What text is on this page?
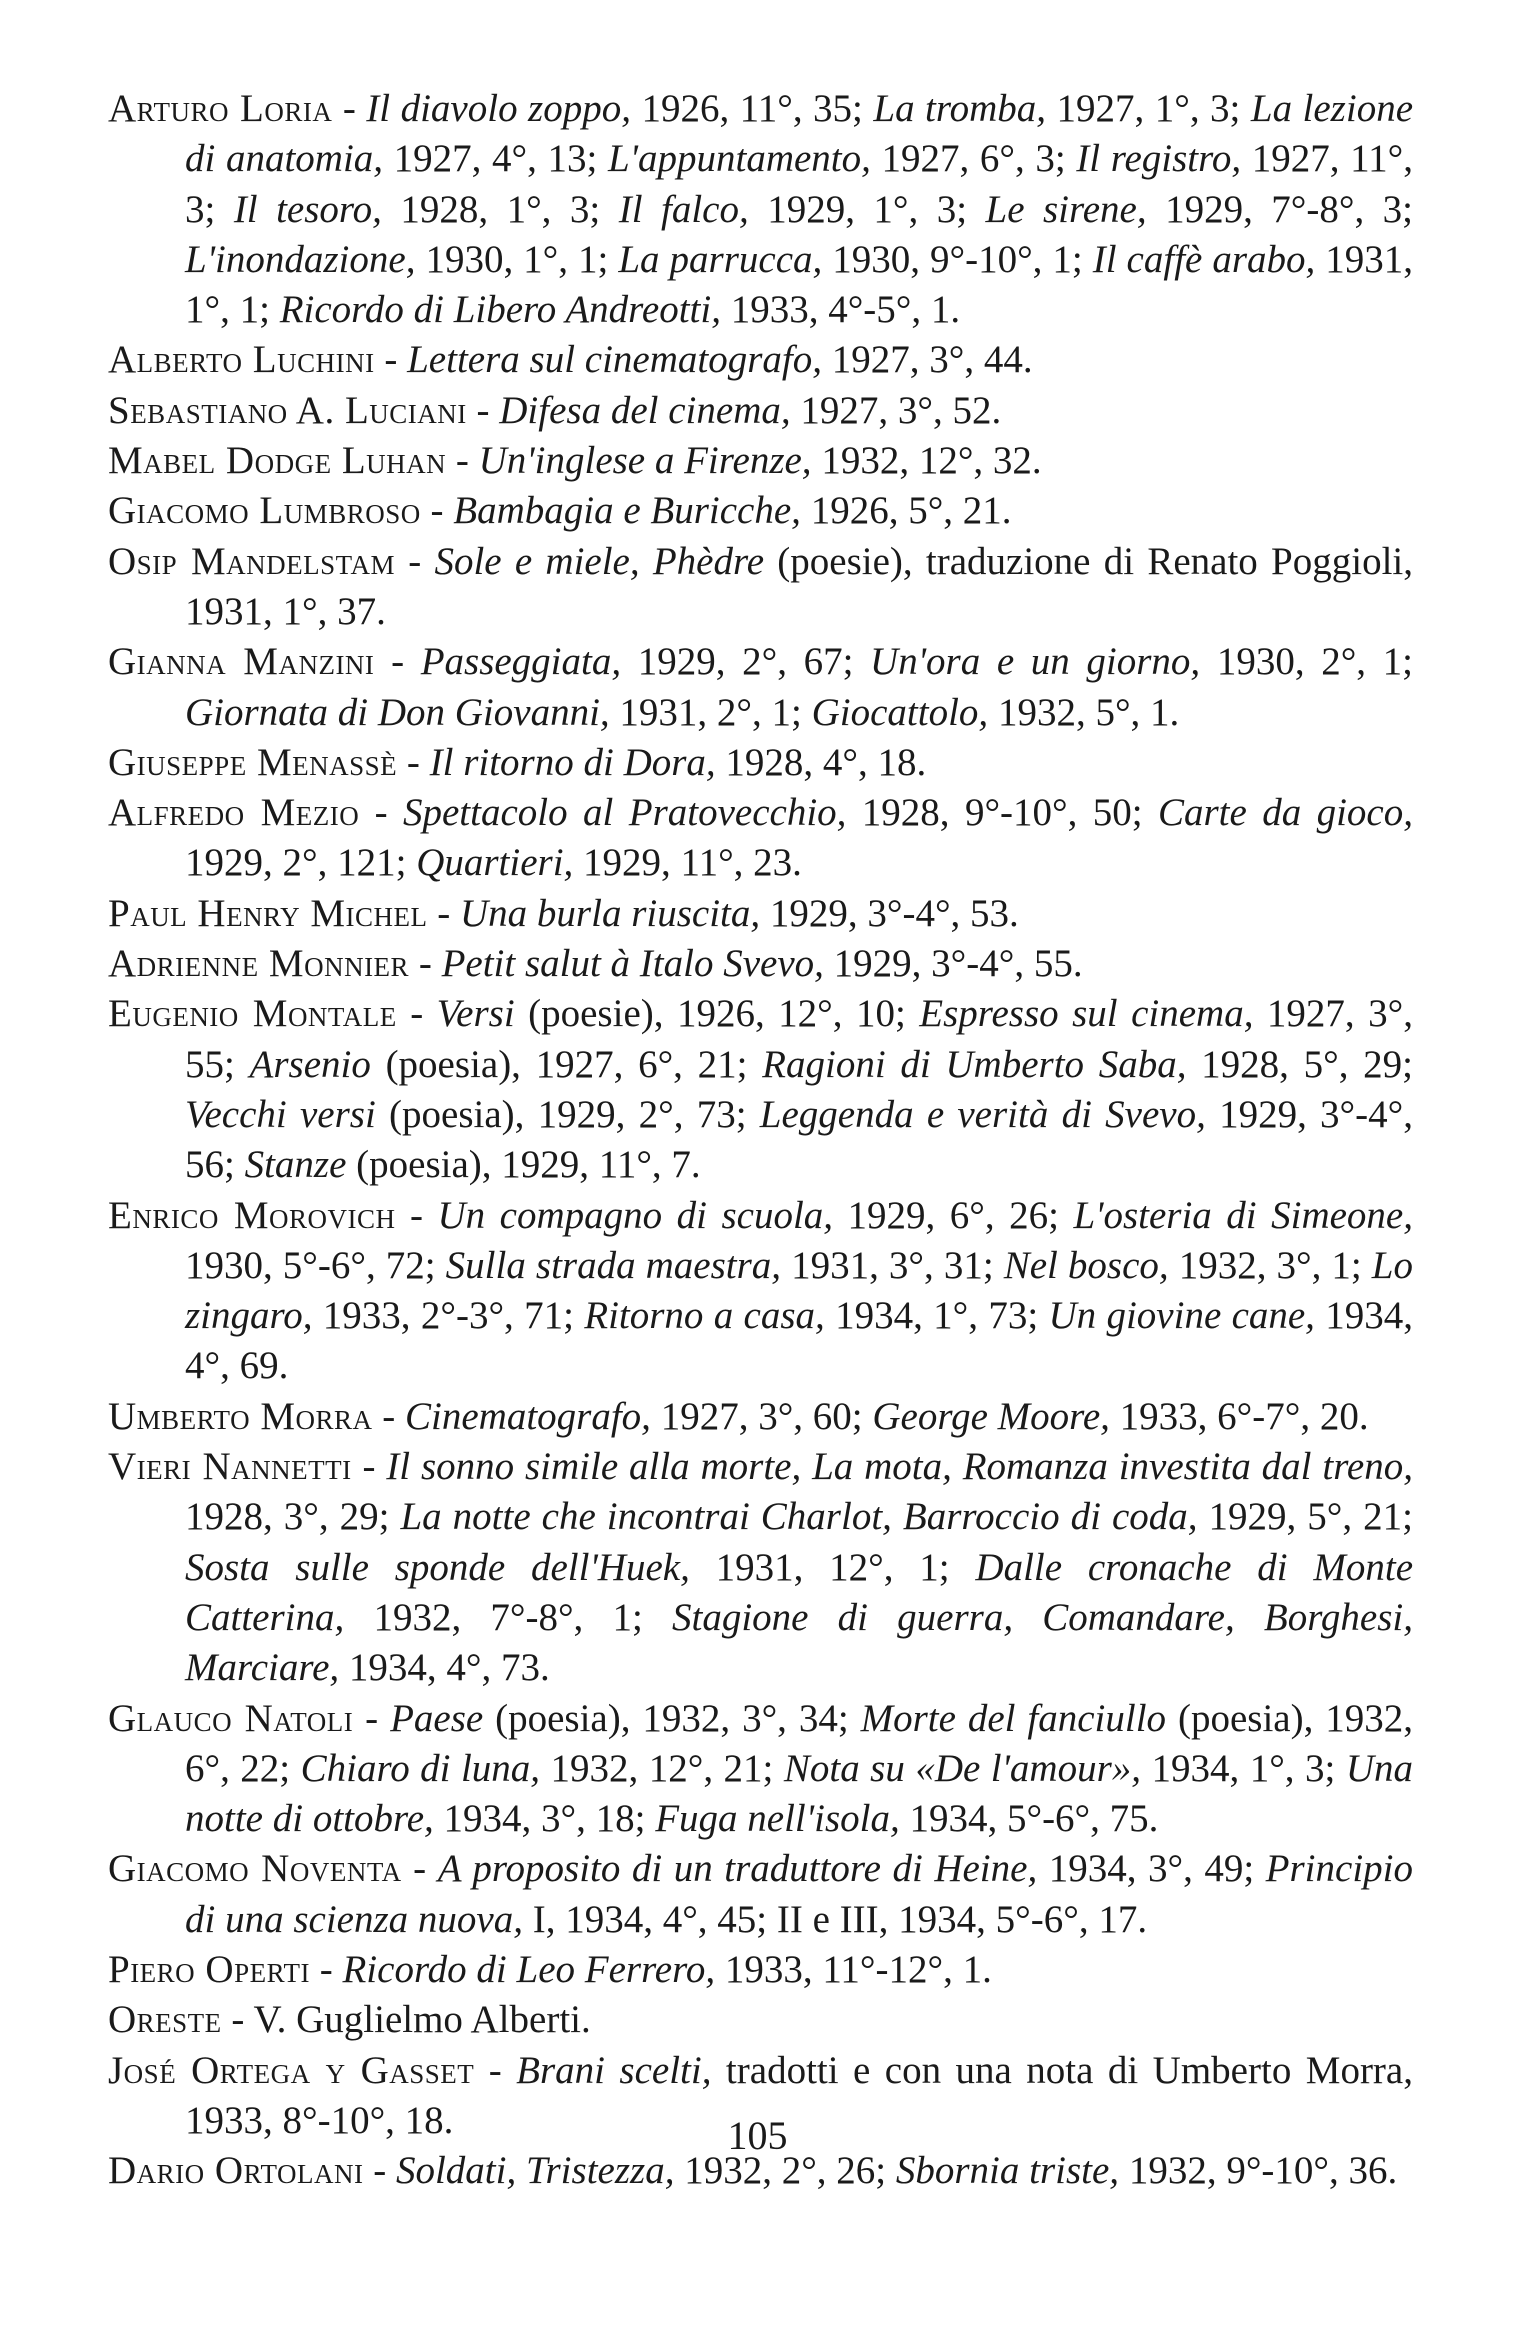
Arturo Loria - Il diavolo zoppo, 1926, 11°, 35; La tromba, 1927, 1°, 3; La lezione di anatomia, 1927, 4°, 13; L'appuntamento, 1927, 6°, 3; Il registro, 1927, 11°, 3; Il tesoro, 1928, 1°, 3; Il falco, 1929, 1°, 3; Le sirene, 1929, 7°-8°, 3; L'inondazione, 1930, 1°, 1; La parrucca, 1930, 9°-10°, 1; Il caffè arabo, 1931, 1°, 1; Ricordo di Libero Andreotti, 1933, 4°-5°, 1.
Alberto Luchini - Lettera sul cinematografo, 1927, 3°, 44.
Sebastiano A. Luciani - Difesa del cinema, 1927, 3°, 52.
Mabel Dodge Luhan - Un'inglese a Firenze, 1932, 12°, 32.
Giacomo Lumbroso - Bambagia e Buricche, 1926, 5°, 21.
Osip Mandelstam - Sole e miele, Phèdre (poesie), traduzione di Renato Poggioli, 1931, 1°, 37.
Gianna Manzini - Passeggiata, 1929, 2°, 67; Un'ora e un giorno, 1930, 2°, 1; Giornata di Don Giovanni, 1931, 2°, 1; Giocattolo, 1932, 5°, 1.
Giuseppe Menassè - Il ritorno di Dora, 1928, 4°, 18.
Alfredo Mezio - Spettacolo al Pratovecchio, 1928, 9°-10°, 50; Carte da gioco, 1929, 2°, 121; Quartieri, 1929, 11°, 23.
Paul Henry Michel - Una burla riuscita, 1929, 3°-4°, 53.
Adrienne Monnier - Petit salut à Italo Svevo, 1929, 3°-4°, 55.
Eugenio Montale - Versi (poesie), 1926, 12°, 10; Espresso sul cinema, 1927, 3°, 55; Arsenio (poesia), 1927, 6°, 21; Ragioni di Umberto Saba, 1928, 5°, 29; Vecchi versi (poesia), 1929, 2°, 73; Leggenda e verità di Svevo, 1929, 3°-4°, 56; Stanze (poesia), 1929, 11°, 7.
Enrico Morovich - Un compagno di scuola, 1929, 6°, 26; L'osteria di Simeone, 1930, 5°-6°, 72; Sulla strada maestra, 1931, 3°, 31; Nel bosco, 1932, 3°, 1; Lo zingaro, 1933, 2°-3°, 71; Ritorno a casa, 1934, 1°, 73; Un giovine cane, 1934, 4°, 69.
Umberto Morra - Cinematografo, 1927, 3°, 60; George Moore, 1933, 6°-7°, 20.
Vieri Nannetti - Il sonno simile alla morte, La mota, Romanza investita dal treno, 1928, 3°, 29; La notte che incontrai Charlot, Barroccio di coda, 1929, 5°, 21; Sosta sulle sponde dell'Huek, 1931, 12°, 1; Dalle cronache di Monte Catterina, 1932, 7°-8°, 1; Stagione di guerra, Comandare, Borghesi, Marciare, 1934, 4°, 73.
Glauco Natoli - Paese (poesia), 1932, 3°, 34; Morte del fanciullo (poesia), 1932, 6°, 22; Chiaro di luna, 1932, 12°, 21; Nota su «De l'amour», 1934, 1°, 3; Una notte di ottobre, 1934, 3°, 18; Fuga nell'isola, 1934, 5°-6°, 75.
Giacomo Noventa - A proposito di un traduttore di Heine, 1934, 3°, 49; Principio di una scienza nuova, I, 1934, 4°, 45; II e III, 1934, 5°-6°, 17.
Piero Operti - Ricordo di Leo Ferrero, 1933, 11°-12°, 1.
Oreste - V. Guglielmo Alberti.
José Ortega y Gasset - Brani scelti, tradotti e con una nota di Umberto Morra, 1933, 8°-10°, 18.
Dario Ortolani - Soldati, Tristezza, 1932, 2°, 26; Sbornia triste, 1932, 9°-10°, 36.
105
